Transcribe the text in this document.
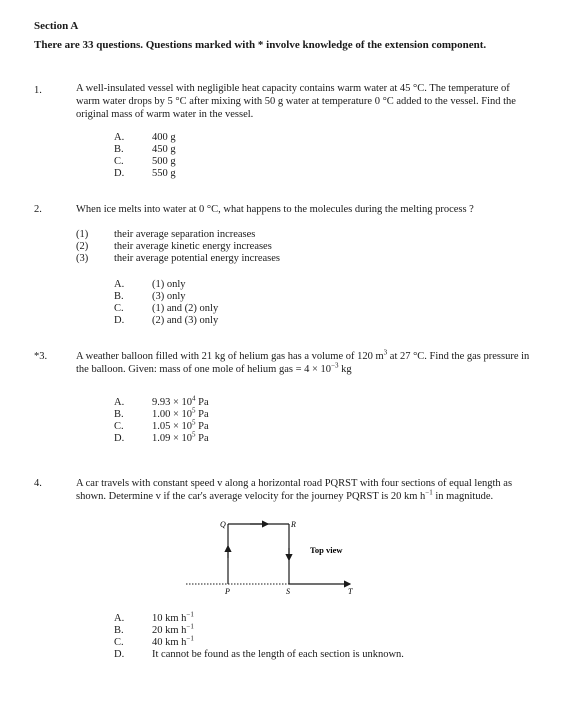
Section A
There are 33 questions. Questions marked with * involve knowledge of the extension component.
1.	A well-insulated vessel with negligible heat capacity contains warm water at 45 °C. The temperature of warm water drops by 5 °C after mixing with 50 g water at temperature 0 °C added to the vessel. Find the original mass of warm water in the vessel.
A.	400 g
B.	450 g
C.	500 g
D.	550 g
2.	When ice melts into water at 0 °C, what happens to the molecules during the melting process ?
(1) their average separation increases
(2) their average kinetic energy increases
(3) their average potential energy increases
A.	(1) only
B.	(3) only
C.	(1) and (2) only
D.	(2) and (3) only
*3.	A weather balloon filled with 21 kg of helium gas has a volume of 120 $m^3$ at 27 °C. Find the gas pressure in the balloon. Given: mass of one mole of helium gas = $4 \times 10^{-3}$ kg
A.	$9.93 \times 10^4$ Pa
B.	$1.00 \times 10^5$ Pa
C.	$1.05 \times 10^5$ Pa
D.	$1.09 \times 10^5$ Pa
4.	A car travels with constant speed v along a horizontal road PQRST with four sections of equal length as shown. Determine v if the car's average velocity for the journey PQRST is 20 km $h^{-1}$ in magnitude.
Q	R
P	S	T
Top view
A.	10 km $h^{-1}$
B.	20 km $h^{-1}$
C.	40 km $h^{-1}$
D.	It cannot be found as the length of each section is unknown.
